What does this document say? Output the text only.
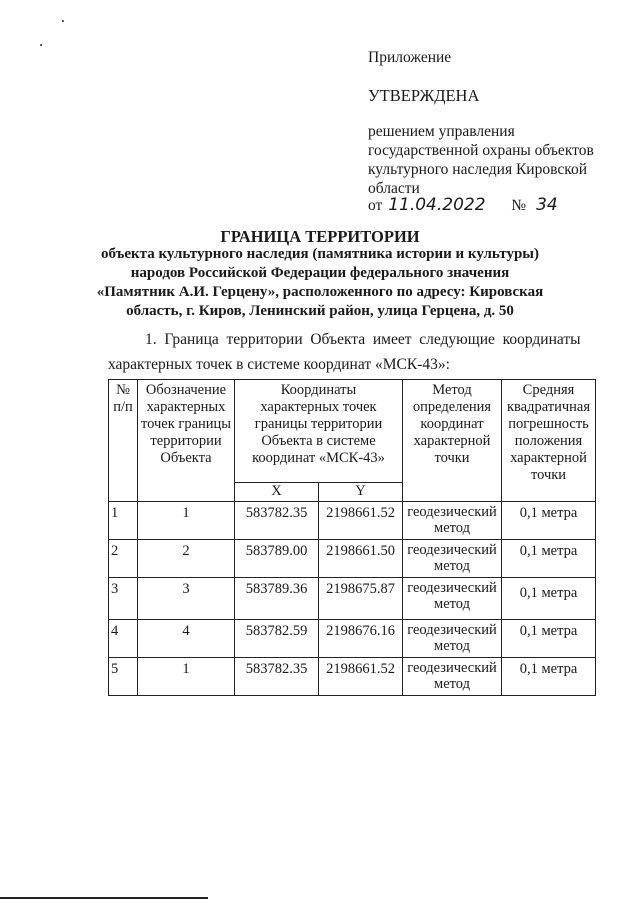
Приложение
УТВЕРЖДЕНА
решением управления
государственной охраны объектов
культурного наследия Кировской
области
от 11.04.2022 № 34
ГРАНИЦА ТЕРРИТОРИИ
объекта культурного наследия (памятника истории и культуры)
народов Российской Федерации федерального значения
«Памятник А.И. Герцену», расположенного по адресу: Кировская
область, г. Киров, Ленинский район, улица Герцена, д. 50
1.  Граница  территории  Объекта  имеет  следующие  координаты
характерных точек в системе координат «МСК-43»:
№ п/п	Обозначение характерных точек границы территории Объекта	Координаты характерных точек границы территории Объекта в системе координат «МСК-43»		Метод определения координат характерной точки	Средняя квадратичная погрешность положения характерной точки
		X	Y		
1	1	583782.35	2198661.52	геодезический метод	0,1 метра
2	2	583789.00	2198661.50	геодезический метод	0,1 метра
3	3	583789.36	2198675.87	геодезический метод	0,1 метра
4	4	583782.59	2198676.16	геодезический метод	0,1 метра
5	1	583782.35	2198661.52	геодезический метод	0,1 метра
